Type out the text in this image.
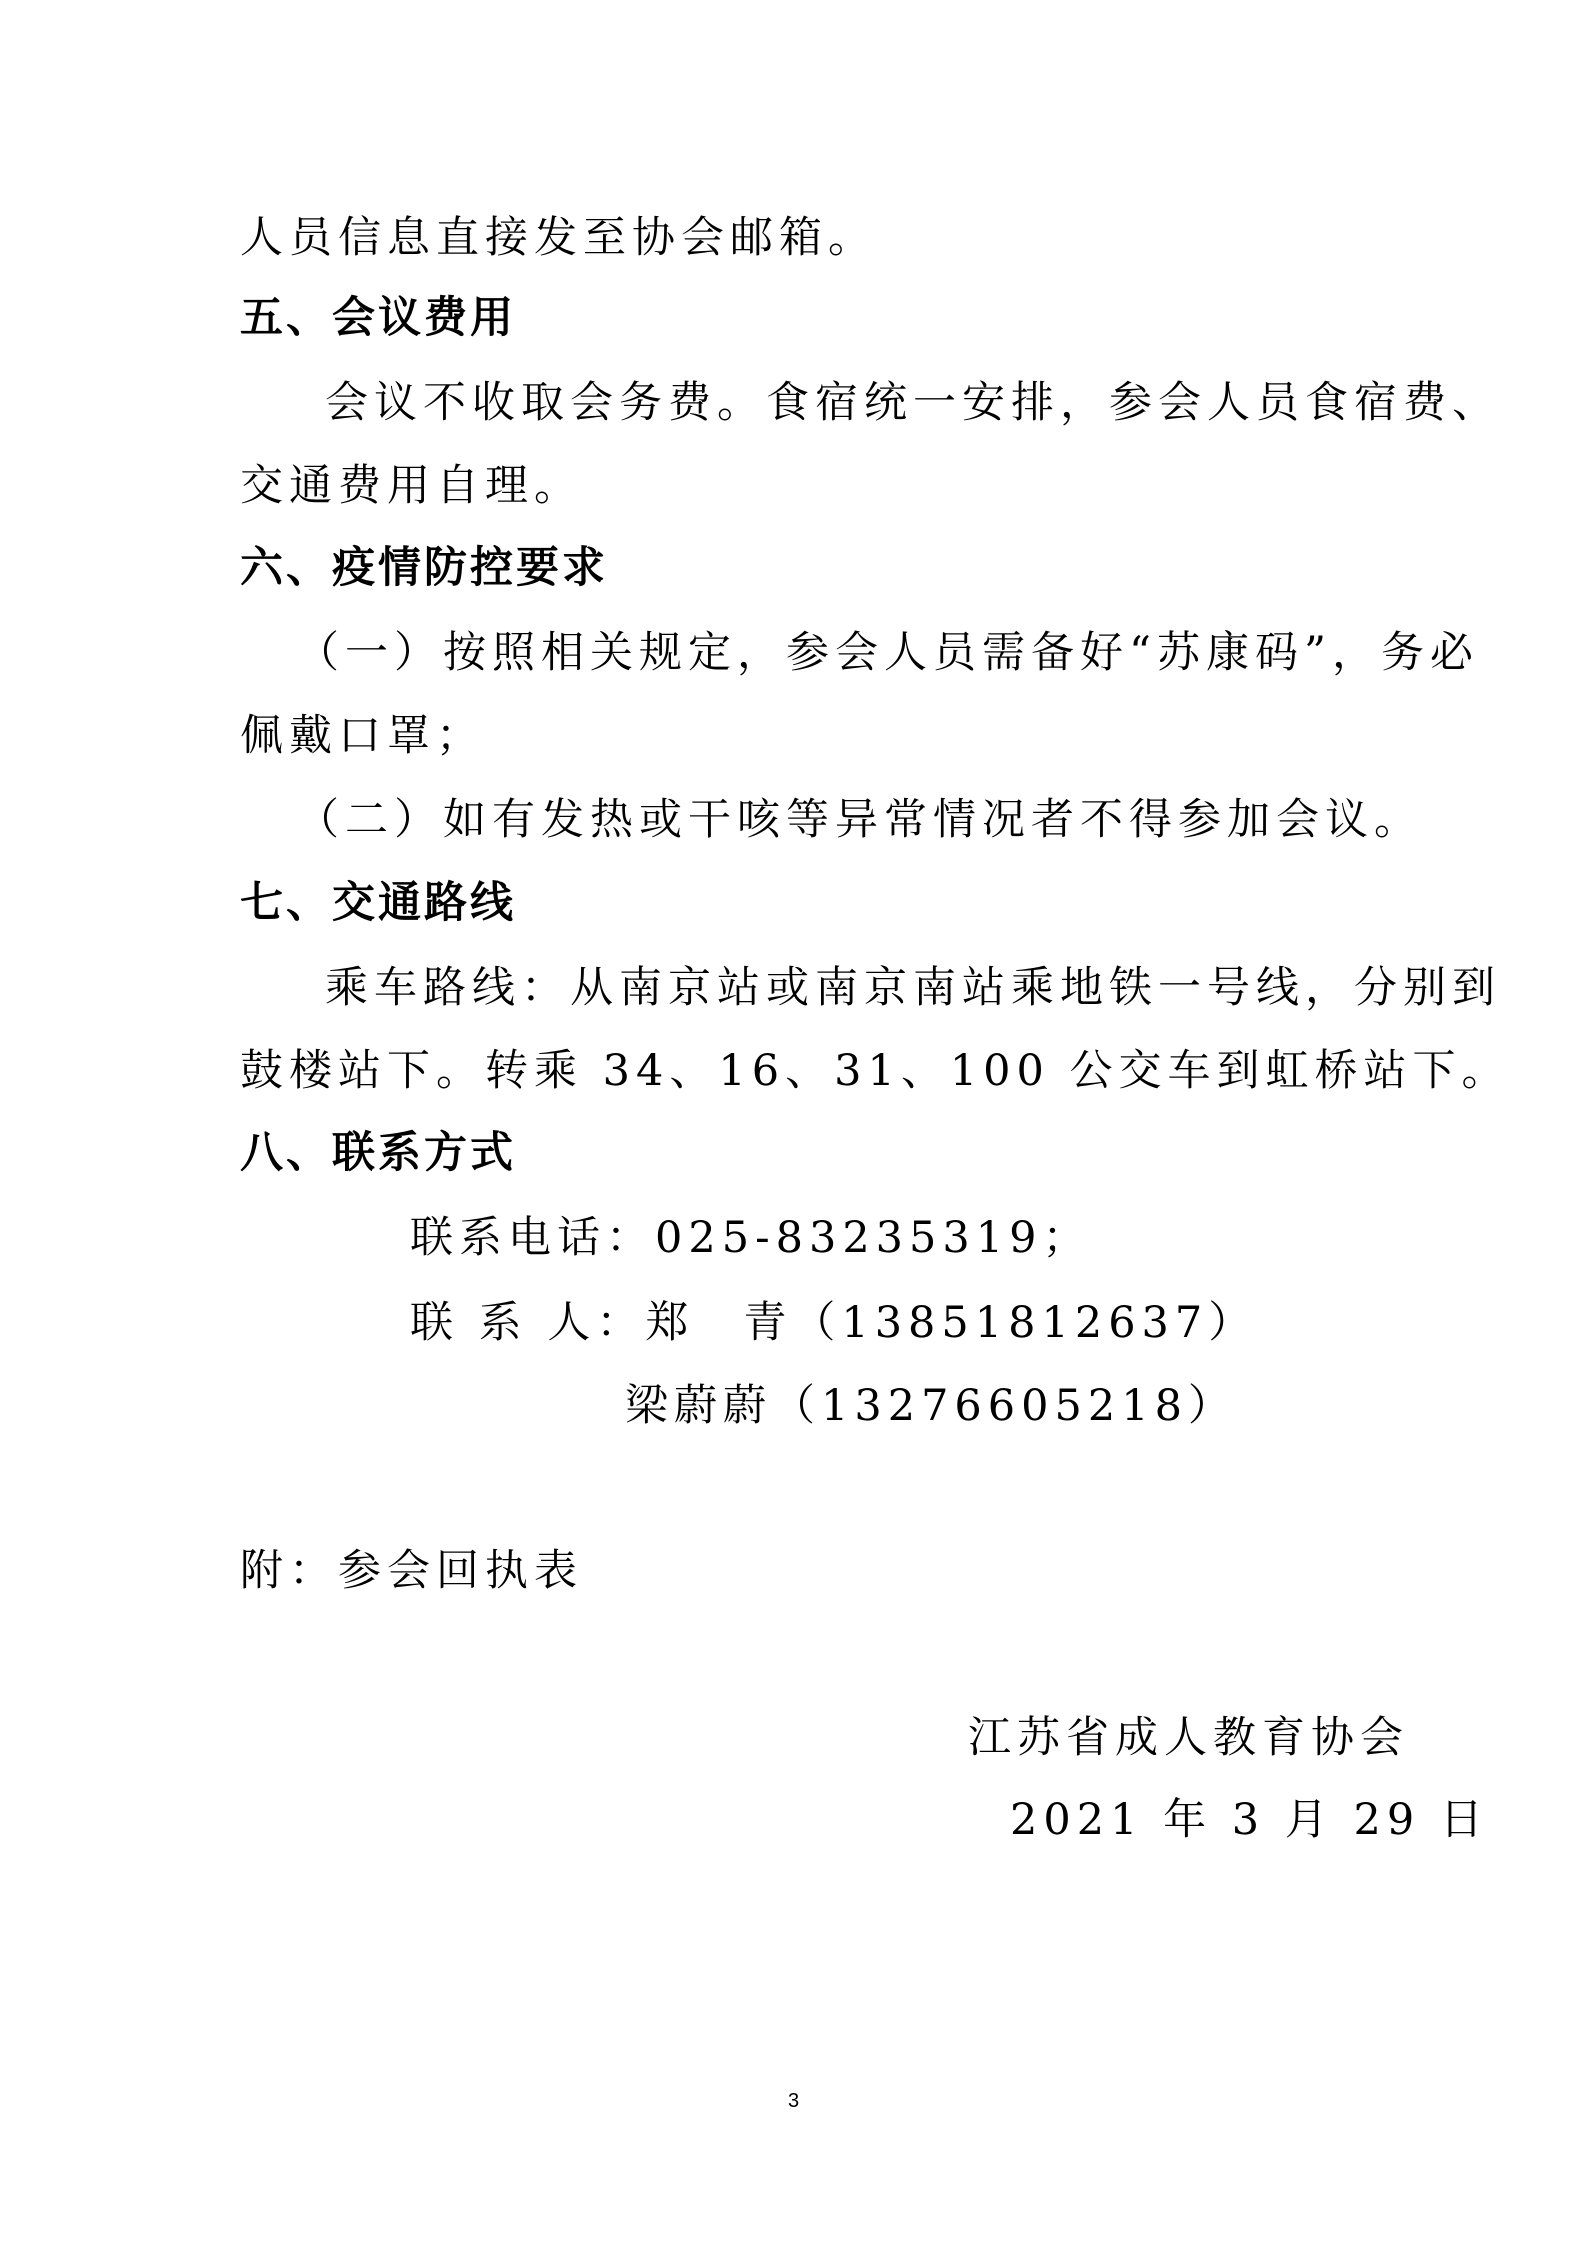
人员信息直接发至协会邮箱。
五、会议费用
会议不收取会务费。食宿统一安排，参会人员食宿费、
交通费用自理。
六、疫情防控要求
（一）按照相关规定，参会人员需备好“苏康码”，务必
佩戴口罩；
（二）如有发热或干咳等异常情况者不得参加会议。
七、交通路线
乘车路线：从南京站或南京南站乘地铁一号线，分别到
鼓楼站下。转乘 34、16、31、100 公交车到虹桥站下。
八、联系方式
联系电话：025-83235319；
联 系 人：郑　青（13851812637）
梁蔚蔚（13276605218）
附：参会回执表
江苏省成人教育协会
2021 年 3 月 29 日
3
